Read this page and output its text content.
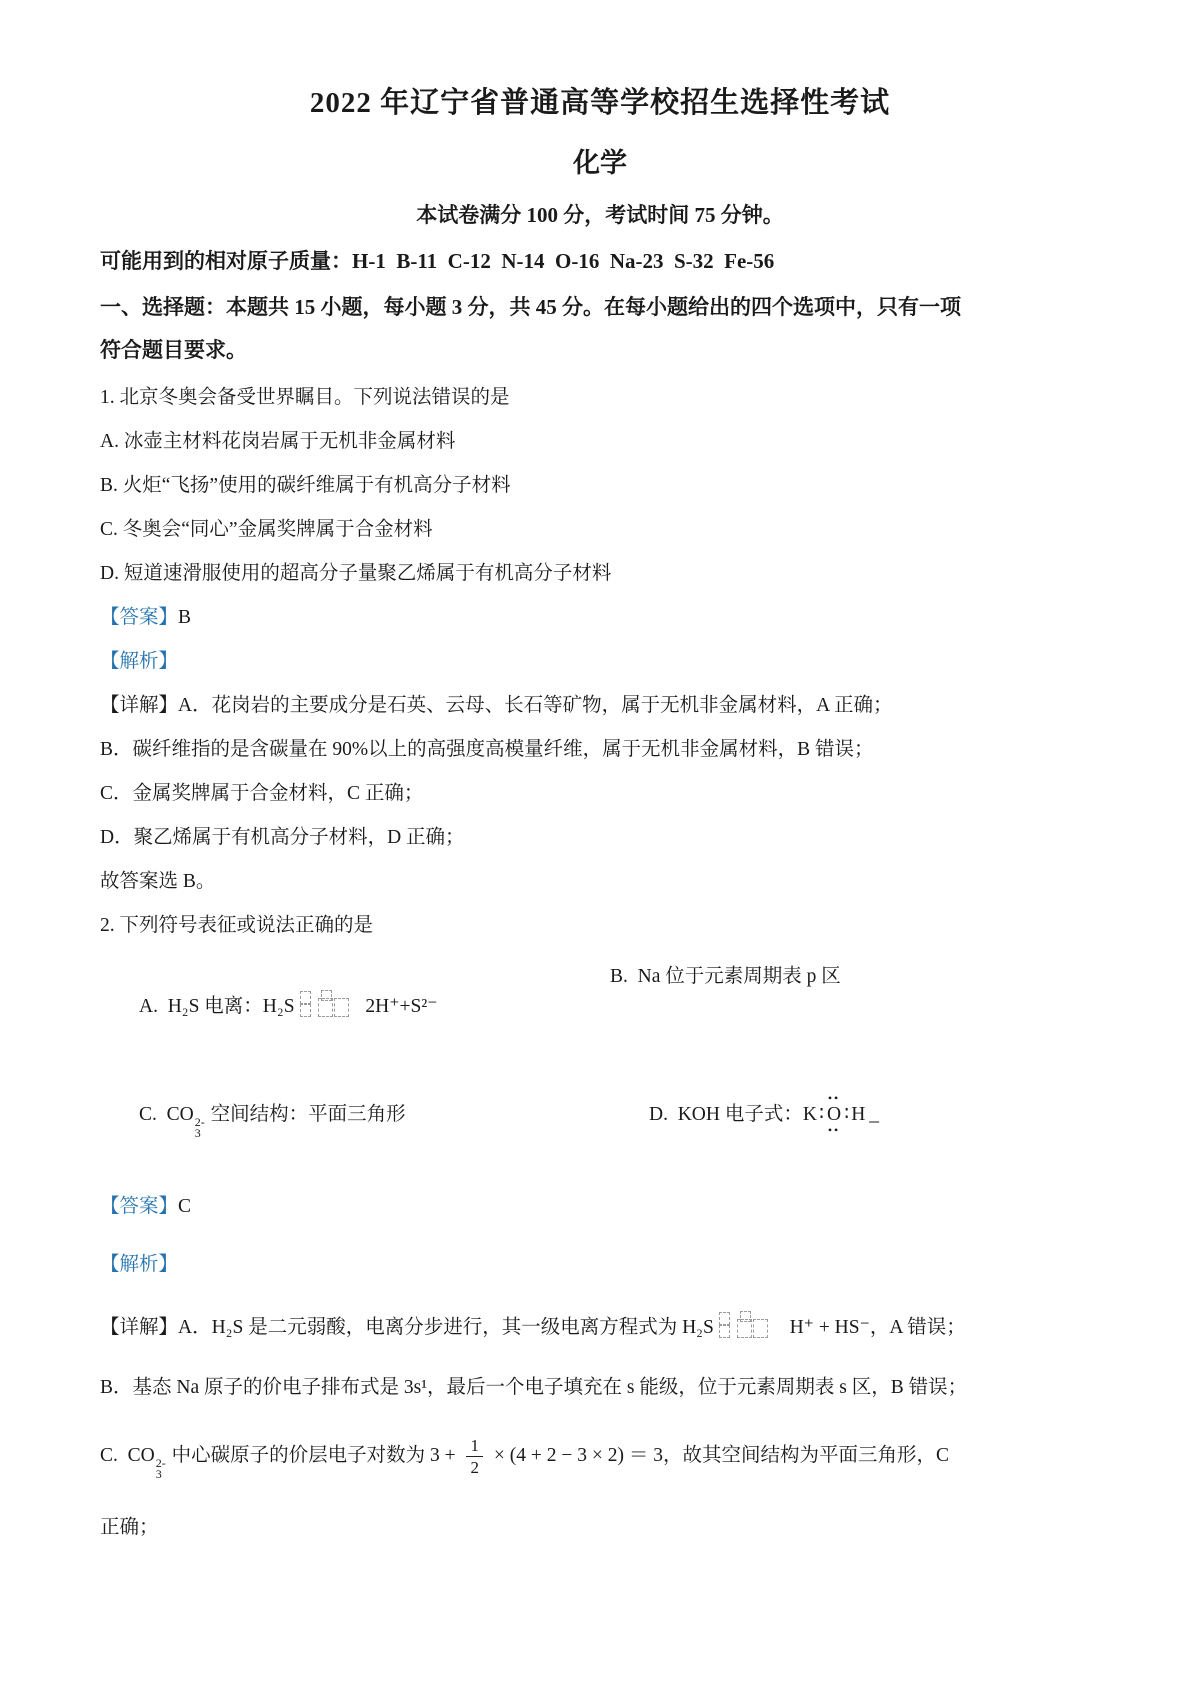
2022 年辽宁省普通高等学校招生选择性考试
化学

本试卷满分 100 分，考试时间 75 分钟。

可能用到的相对原子质量：H-1  B-11  C-12  N-14  O-16  Na-23  S-32  Fe-56

一、选择题：本题共 15 小题，每小题 3 分，共 45 分。在每小题给出的四个选项中，只有一项

符合题目要求。

1. 北京冬奥会备受世界瞩目。下列说法错误的是

A. 冰壶主材料花岗岩属于无机非金属材料

B. 火炬“飞扬”使用的碳纤维属于有机高分子材料

C. 冬奥会“同心”金属奖牌属于合金材料

D. 短道速滑服使用的超高分子量聚乙烯属于有机高分子材料

【答案】B

【解析】

【详解】A．花岗岩的主要成分是石英、云母、长石等矿物，属于无机非金属材料，A 正确；

B．碳纤维指的是含碳量在 90%以上的高强度高模量纤维，属于无机非金属材料，B 错误；

C．金属奖牌属于合金材料，C 正确；

D．聚乙烯属于有机高分子材料，D 正确；

故答案选 B。

2. 下列符号表征或说法正确的是

A.  H₂S 电离：H₂S	2H⁺+S²⁻

B.  Na 位于元素周期表 p 区

C.  CO 2-
3
空间结构：平面三角形
	D.  KOH 电子式：K ∶
••
O
••
∶ H _

【答案】C

【解析】

【详解】A．H₂S 是二元弱酸，电离分步进行，其一级电离方程式为 H₂S	H⁺ + HS⁻，A 错误；

B．基态 Na 原子的价电子排布式是 3s¹，最后一个电子填充在 s 能级，位于元素周期表 s 区，B 错误；

C.  CO 2-
3
中心碳原子的价层电子对数为 $3 + \frac{1}{2} \times (4 + 2 - 3 \times 2) = 3$，故其空间结构为平面三角形，C

正确；
